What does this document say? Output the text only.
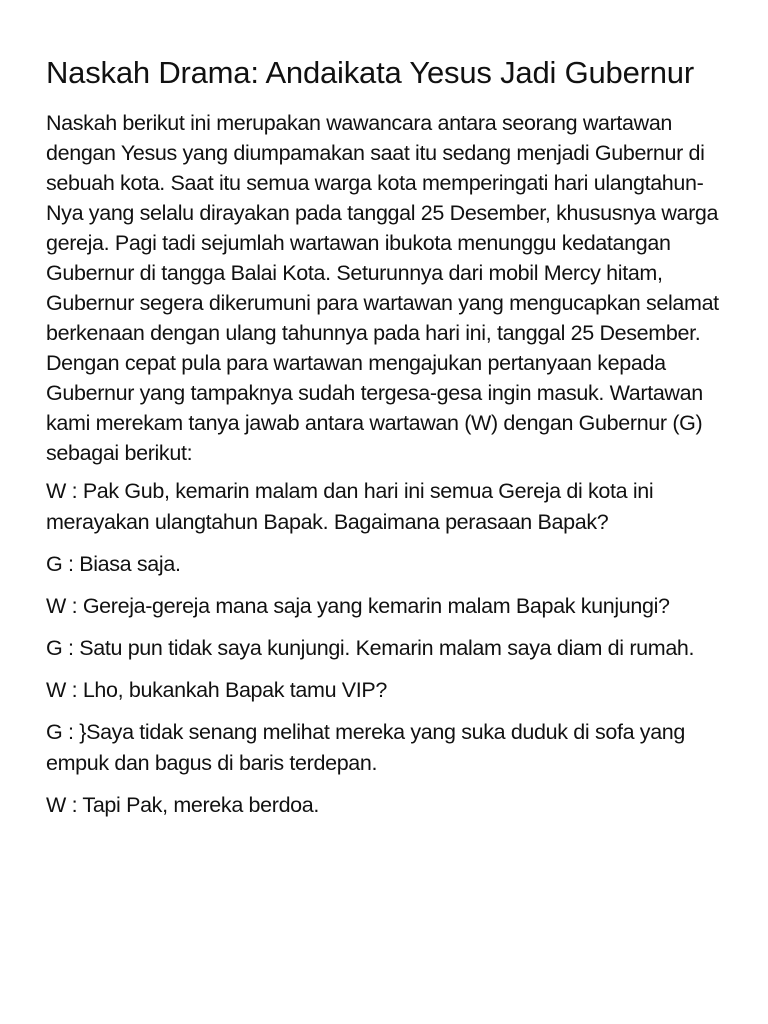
Naskah Drama: Andaikata Yesus Jadi Gubernur

Naskah berikut ini merupakan wawancara antara seorang wartawan dengan Yesus yang diumpamakan saat itu sedang menjadi Gubernur di sebuah kota. Saat itu semua warga kota memperingati hari ulangtahun-Nya yang selalu dirayakan pada tanggal 25 Desember, khususnya warga gereja. Pagi tadi sejumlah wartawan ibukota menunggu kedatangan Gubernur di tangga Balai Kota. Seturunnya dari mobil Mercy hitam, Gubernur segera dikerumuni para wartawan yang mengucapkan selamat berkenaan dengan ulang tahunnya pada hari ini, tanggal 25 Desember. Dengan cepat pula para wartawan mengajukan pertanyaan kepada Gubernur yang tampaknya sudah tergesa-gesa ingin masuk. Wartawan kami merekam tanya jawab antara wartawan (W) dengan Gubernur (G) sebagai berikut:

W : Pak Gub, kemarin malam dan hari ini semua Gereja di kota ini merayakan ulangtahun Bapak. Bagaimana perasaan Bapak?

G : Biasa saja.

W : Gereja-gereja mana saja yang kemarin malam Bapak kunjungi?

G : Satu pun tidak saya kunjungi. Kemarin malam saya diam di rumah.

W : Lho, bukankah Bapak tamu VIP?

G : }Saya tidak senang melihat mereka yang suka duduk di sofa yang empuk dan bagus di baris terdepan.

W : Tapi Pak, mereka berdoa.
